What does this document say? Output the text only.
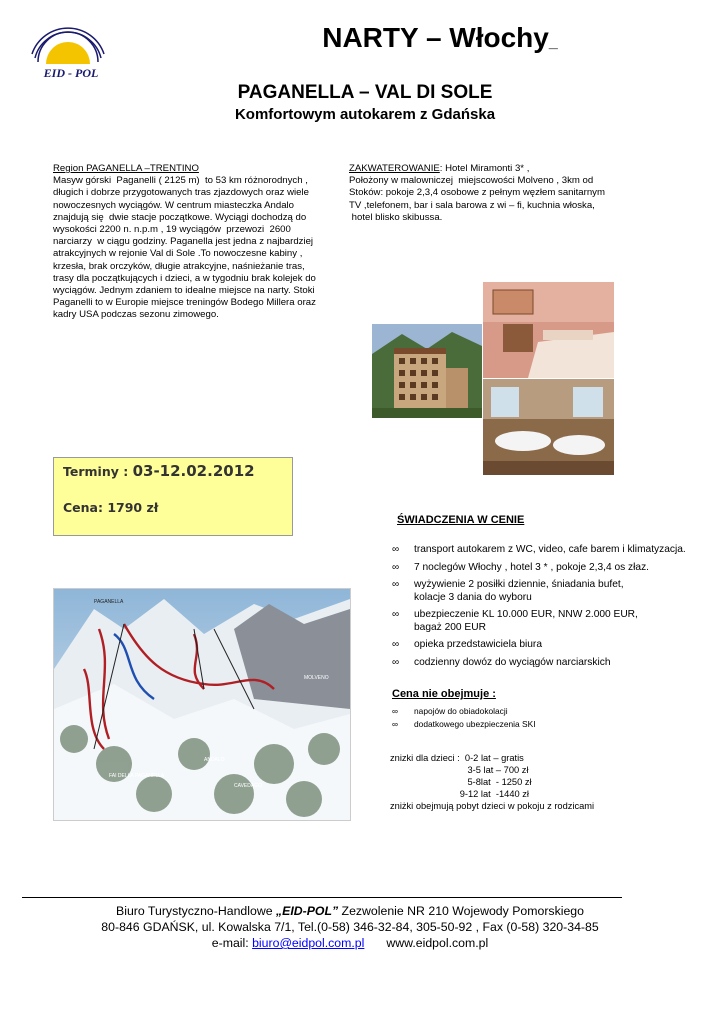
EID - POL
NARTY – Włochy_
PAGANELLA – VAL DI SOLE
Komfortowym autokarem z Gdańska
Region PAGANELLA –TRENTINO
Masyw górski  Paganelli ( 2125 m)  to 53 km różnorodnych ,
długich i dobrze przygotowanych tras zjazdowych oraz wiele
nowoczesnych wyciągów. W centrum miasteczka Andalo
znajdują się  dwie stacje początkowe. Wyciągi dochodzą do
wysokości 2200 n. n.p.m , 19 wyciągów  przewozi  2600
narciarzy  w ciągu godziny. Paganella jest jedna z najbardziej
atrakcyjnych w rejonie Val di Sole .To nowoczesne kabiny ,
krzesła, brak orczyków, długie atrakcyjne, naśnieżanie tras,
trasy dla początkujących i dzieci, a w tygodniu brak kolejek do
wyciągów. Jednym zdaniem to idealne miejsce na narty. Stoki
Paganelli to w Europie miejsce treningów Bodego Millera oraz
kadry USA podczas sezonu zimowego.
ZAKWATEROWANIE: Hotel Miramonti 3* ,
Położony w malowniczej  miejscowości Molveno , 3km od
Stoków: pokoje 2,3,4 osobowe z pełnym węzłem sanitarnym
TV ,telefonem, bar i sala barowa z wi – fi, kuchnia włoska,
hotel blisko skibussa.
Terminy : 03-12.02.2012
Cena: 1790 zł
FAI DELLA PAGANELLA
ANDALO
MOLVENO
CAVEDAGO
PAGANELLA
ŚWIADCZENIA W CENIE
∞ transport autokarem z WC, video, cafe barem i klimatyzacja.
∞ 7 noclegów Włochy , hotel 3 * , pokoje 2,3,4 os złaz.
∞ wyżywienie 2 posiłki dziennie, śniadania bufet,
kolacje 3 dania do wyboru
∞ ubezpieczenie KL 10.000 EUR, NNW 2.000 EUR,
bagaż 200 EUR
∞ opieka przedstawiciela biura
∞ codzienny dowóz do wyciągów narciarskich
Cena nie obejmuje :
∞ napojów do obiadokolacji
∞ dodatkowego ubezpieczenia SKI
znizki dla dzieci :  0-2 lat – gratis
3-5 lat – 700 zł
5-8lat  - 1250 zł
9-12 lat  -1440 zł
zniżki obejmują pobyt dzieci w pokoju z rodzicami
Biuro Turystyczno-Handlowe „EID-POL” Zezwolenie NR 210 Wojewody Pomorskiego
80-846 GDAŃSK, ul. Kowalska 7/1, Tel.(0-58) 346-32-84, 305-50-92 , Fax (0-58) 320-34-85
e-mail: biuro@eidpol.com.pl www.eidpol.com.pl
